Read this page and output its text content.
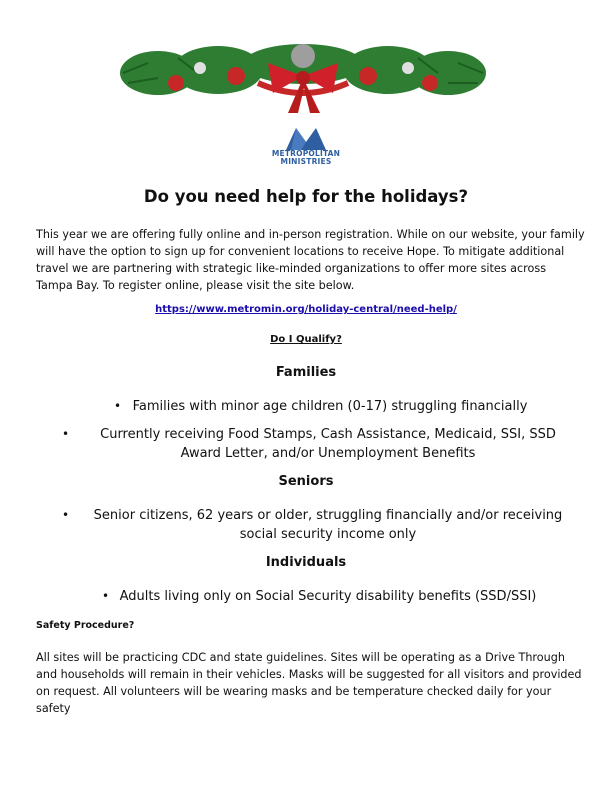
METROPOLITAN
MINISTRIES
Do you need help for the holidays?
This year we are offering fully online and in-person registration. While on our website, your family will have the option to sign up for convenient locations to receive Hope. To mitigate additional travel we are partnering with strategic like-minded organizations to offer more sites across Tampa Bay. To register online, please visit the site below.
https://www.metromin.org/holiday-central/need-help/
Do I Qualify?
Families
• Families with minor age children (0-17) struggling financially
• Currently receiving Food Stamps, Cash Assistance, Medicaid, SSI, SSD Award Letter, and/or Unemployment Benefits
Seniors
• Senior citizens, 62 years or older, struggling financially and/or receiving social security income only
Individuals
• Adults living only on Social Security disability benefits (SSD/SSI)
Safety Procedure?
All sites will be practicing CDC and state guidelines. Sites will be operating as a Drive Through and households will remain in their vehicles. Masks will be suggested for all visitors and provided on request. All volunteers will be wearing masks and be temperature checked daily for your safety
